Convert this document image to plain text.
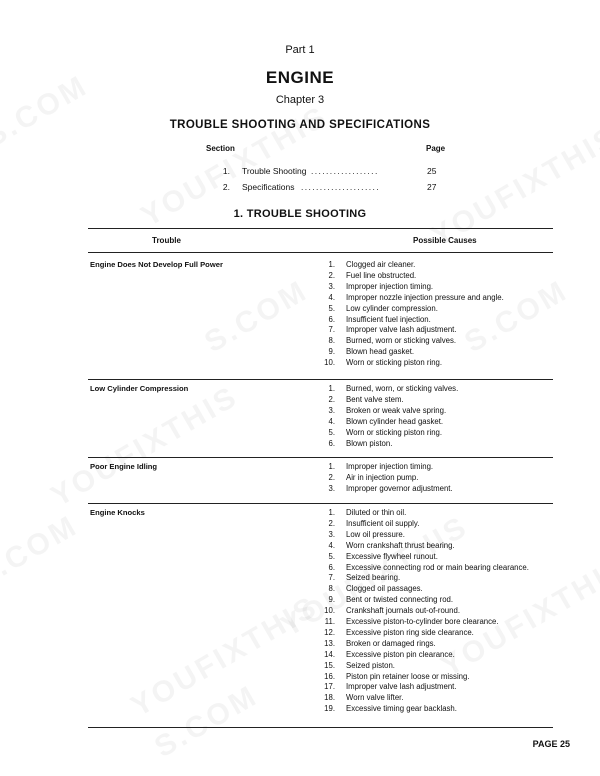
Part 1
ENGINE
Chapter 3
TROUBLE SHOOTING AND SPECIFICATIONS
Section	Page
1. Trouble Shooting ..................	25
2. Specifications .....................	27
1. TROUBLE SHOOTING
Trouble	Possible Causes
Engine Does Not Develop Full Power	1. Clogged air cleaner.
2. Fuel line obstructed.
3. Improper injection timing.
4. Improper nozzle injection pressure and angle.
5. Low cylinder compression.
6. Insufficient fuel injection.
7. Improper valve lash adjustment.
8. Burned, worn or sticking valves.
9. Blown head gasket.
10. Worn or sticking piston ring.
Low Cylinder Compression	1. Burned, worn, or sticking valves.
2. Bent valve stem.
3. Broken or weak valve spring.
4. Blown cylinder head gasket.
5. Worn or sticking piston ring.
6. Blown piston.
Poor Engine Idling	1. Improper injection timing.
2. Air in injection pump.
3. Improper governor adjustment.
Engine Knocks	1. Diluted or thin oil.
2. Insufficient oil supply.
3. Low oil pressure.
4. Worn crankshaft thrust bearing.
5. Excessive flywheel runout.
6. Excessive connecting rod or main bearing clearance.
7. Seized bearing.
8. Clogged oil passages.
9. Bent or twisted connecting rod.
10. Crankshaft journals out-of-round.
11. Excessive piston-to-cylinder bore clearance.
12. Excessive piston ring side clearance.
13. Broken or damaged rings.
14. Excessive piston pin clearance.
15. Seized piston.
16. Piston pin retainer loose or missing.
17. Improper valve lash adjustment.
18. Worn valve lifter.
19. Excessive timing gear backlash.
PAGE 25
